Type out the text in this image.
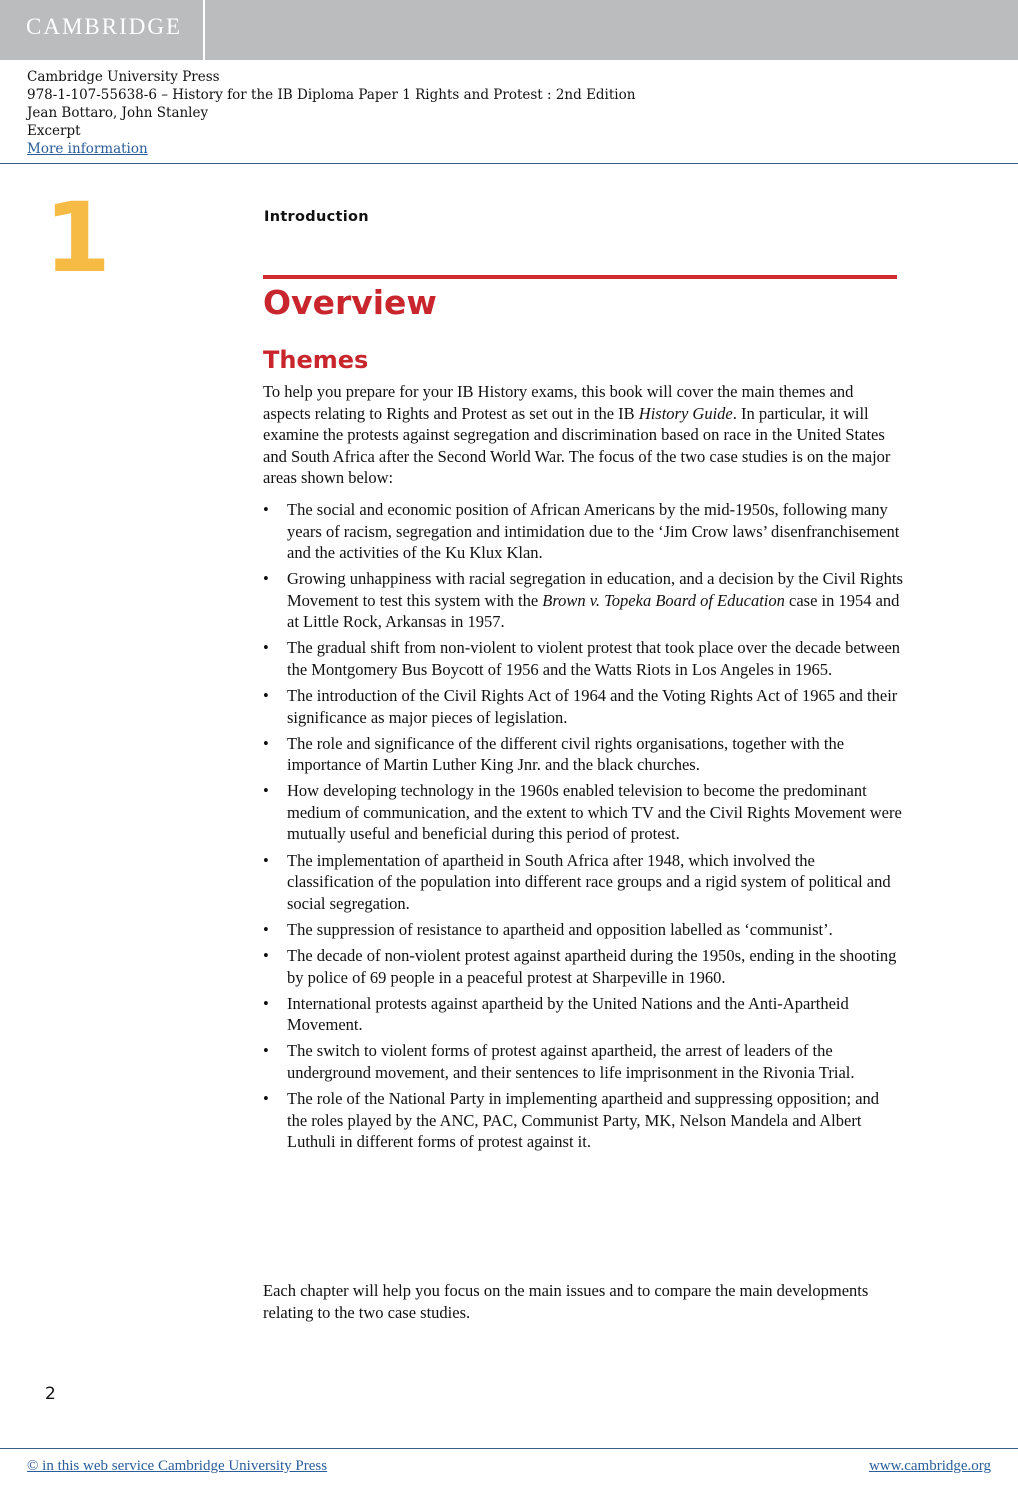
CAMBRIDGE
Cambridge University Press
978-1-107-55638-6 – History for the IB Diploma Paper 1 Rights and Protest : 2nd Edition
Jean Bottaro, John Stanley
Excerpt
More information
1	Introduction
Overview
Themes
To help you prepare for your IB History exams, this book will cover the main themes and aspects relating to Rights and Protest as set out in the IB History Guide. In particular, it will examine the protests against segregation and discrimination based on race in the United States and South Africa after the Second World War. The focus of the two case studies is on the major areas shown below:
• The social and economic position of African Americans by the mid-1950s, following many years of racism, segregation and intimidation due to the ‘Jim Crow laws’ disenfranchisement and the activities of the Ku Klux Klan.
• Growing unhappiness with racial segregation in education, and a decision by the Civil Rights Movement to test this system with the Brown v. Topeka Board of Education case in 1954 and at Little Rock, Arkansas in 1957.
• The gradual shift from non-violent to violent protest that took place over the decade between the Montgomery Bus Boycott of 1956 and the Watts Riots in Los Angeles in 1965.
• The introduction of the Civil Rights Act of 1964 and the Voting Rights Act of 1965 and their significance as major pieces of legislation.
• The role and significance of the different civil rights organisations, together with the importance of Martin Luther King Jnr. and the black churches.
• How developing technology in the 1960s enabled television to become the predominant medium of communication, and the extent to which TV and the Civil Rights Movement were mutually useful and beneficial during this period of protest.
• The implementation of apartheid in South Africa after 1948, which involved the classification of the population into different race groups and a rigid system of political and social segregation.
• The suppression of resistance to apartheid and opposition labelled as ‘communist’.
• The decade of non-violent protest against apartheid during the 1950s, ending in the shooting by police of 69 people in a peaceful protest at Sharpeville in 1960.
• International protests against apartheid by the United Nations and the Anti-Apartheid Movement.
• The switch to violent forms of protest against apartheid, the arrest of leaders of the underground movement, and their sentences to life imprisonment in the Rivonia Trial.
• The role of the National Party in implementing apartheid and suppressing opposition; and the roles played by the ANC, PAC, Communist Party, MK, Nelson Mandela and Albert Luthuli in different forms of protest against it.
Each chapter will help you focus on the main issues and to compare the main developments relating to the two case studies.
2
© in this web service Cambridge University Press	www.cambridge.org
